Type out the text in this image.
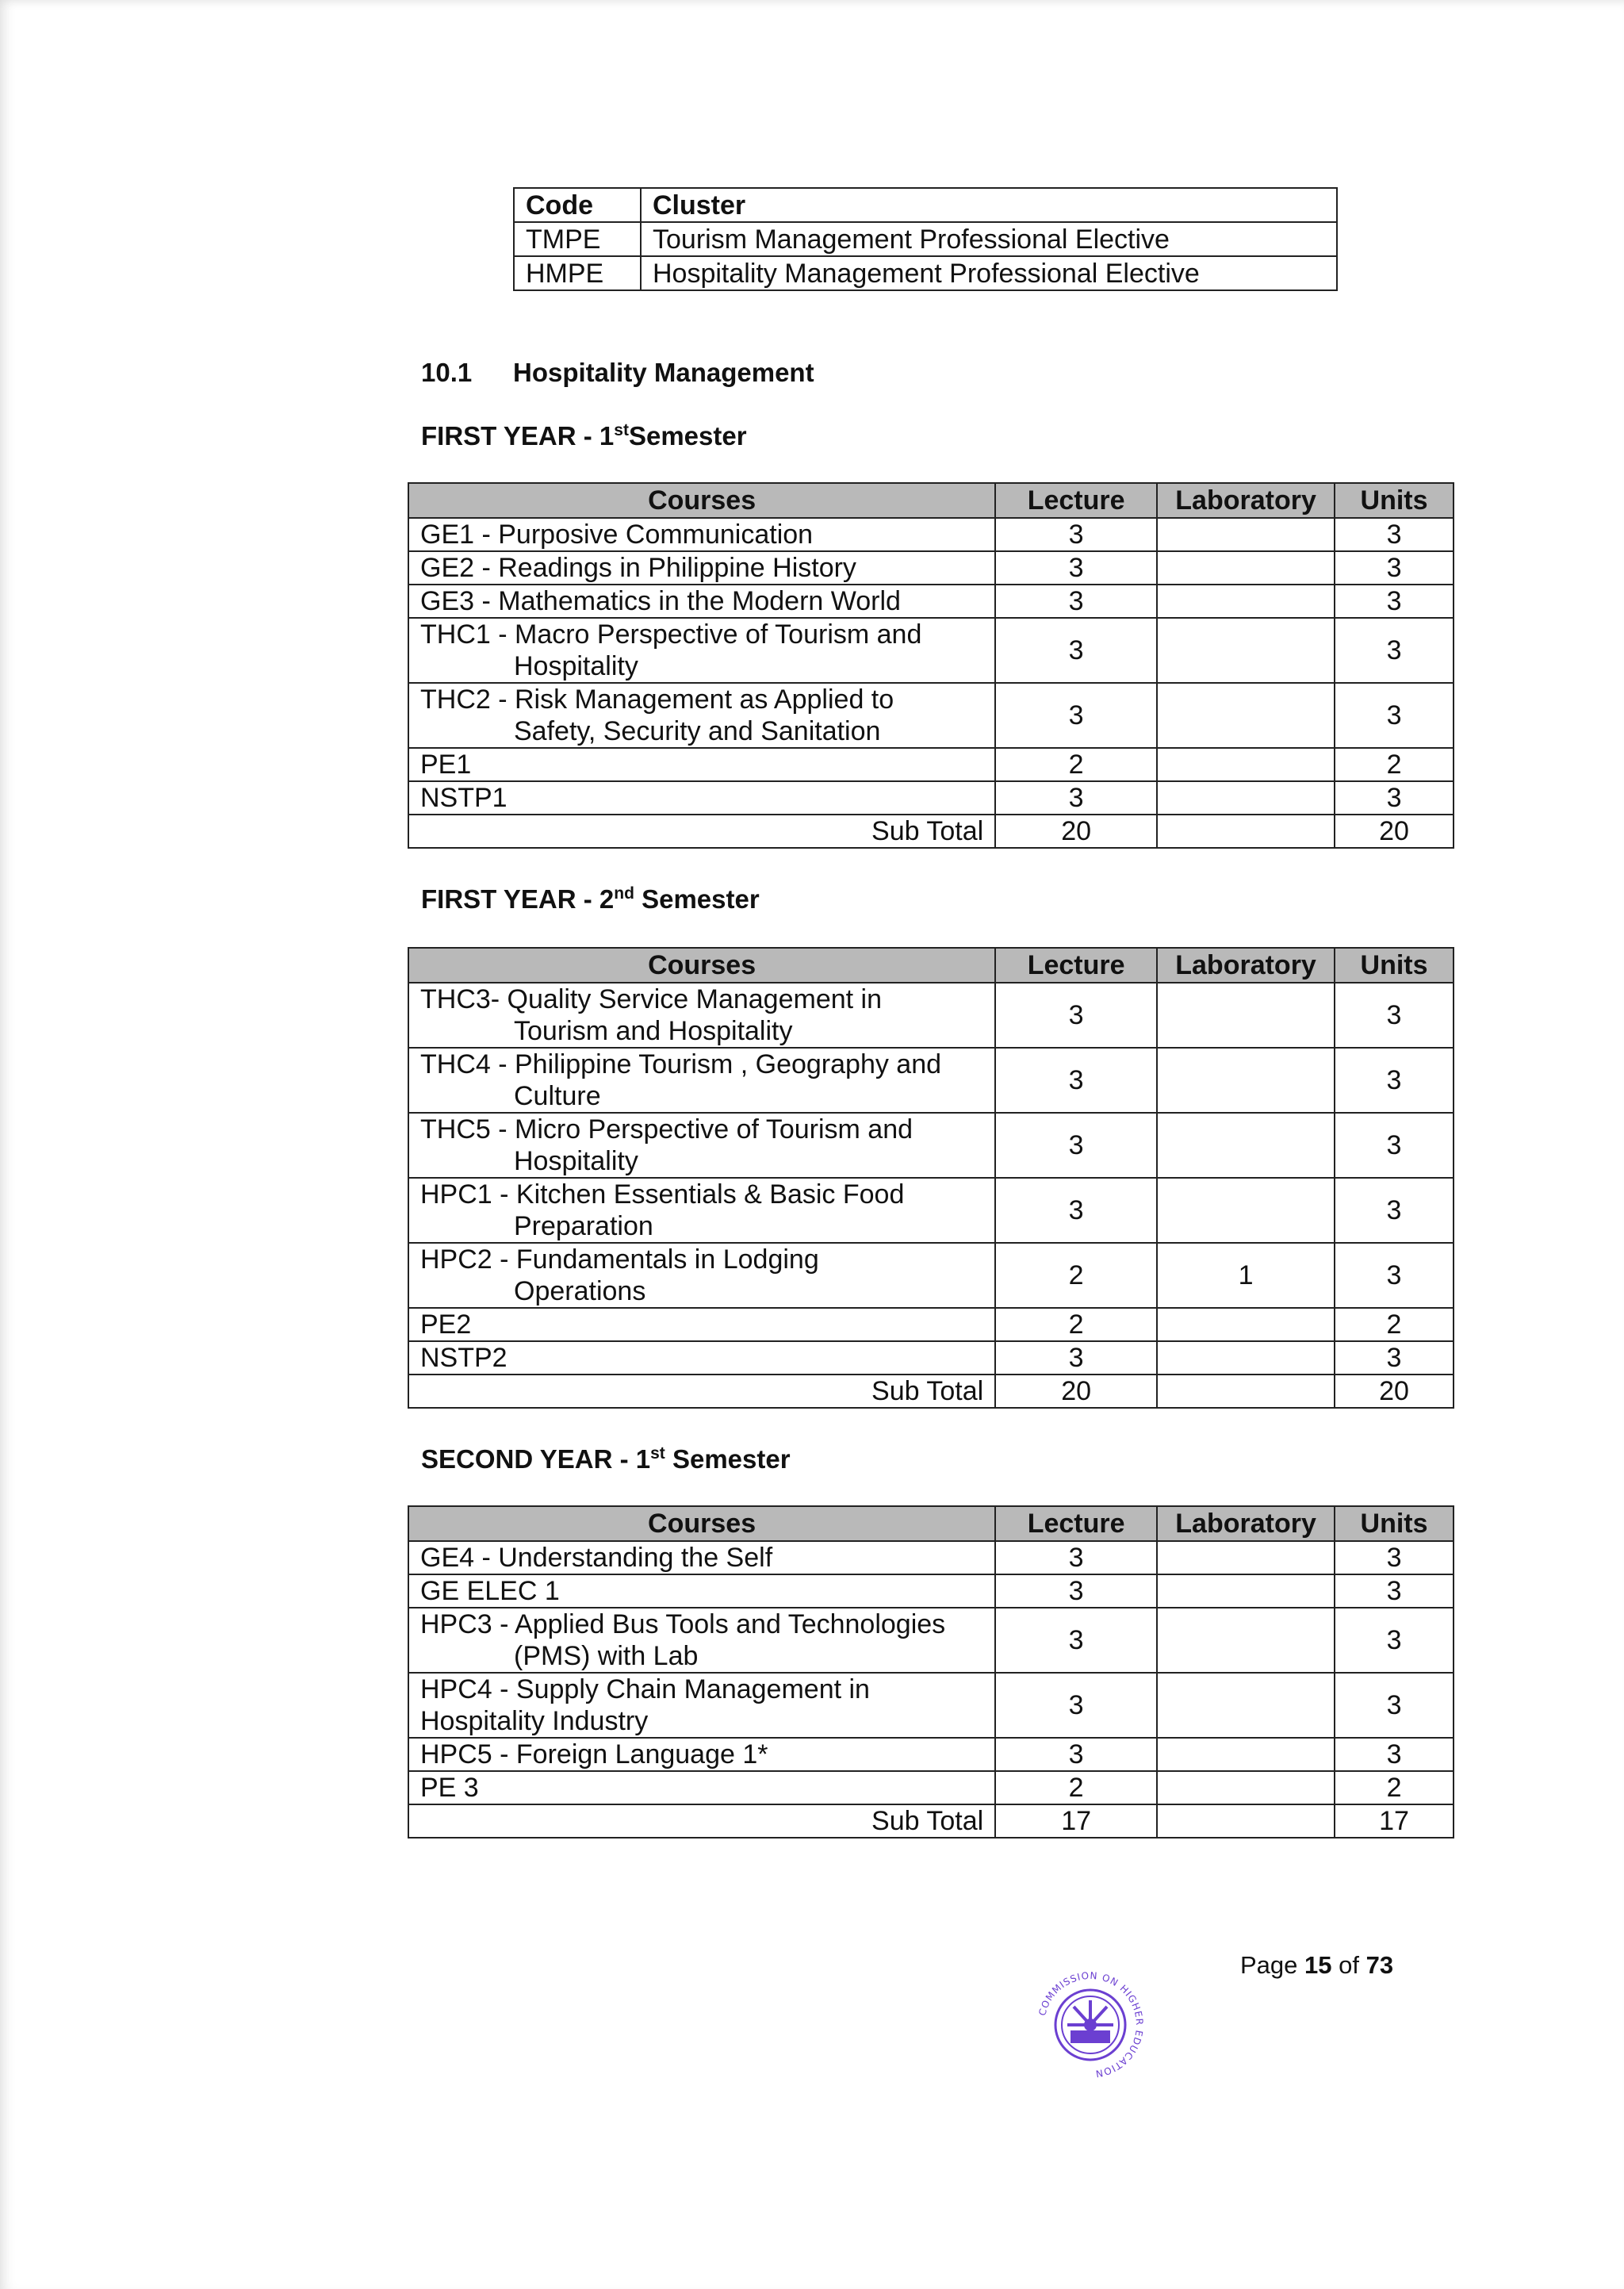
Code	Cluster
TMPE	Tourism Management Professional Elective
HMPE	Hospitality Management Professional Elective
10.1 Hospitality Management
FIRST YEAR - 1stSemester
Courses	Lecture	Laboratory	Units

GE1 - Purposive Communication	3		3

GE2 - Readings in Philippine History	3		3

GE3 - Mathematics in the Modern World	3		3

THC1 - Macro Perspective of Tourism and
Hospitality	3		3

THC2 - Risk Management as Applied to
Safety, Security and Sanitation	3		3

PE1	2		2

NSTP1	3		3
Sub Total	20		20
FIRST YEAR - 2nd Semester
Courses	Lecture	Laboratory	Units

THC3- Quality Service Management in
Tourism and Hospitality	3		3

THC4 - Philippine Tourism , Geography and
Culture	3		3

THC5 - Micro Perspective of Tourism and
Hospitality	3		3

HPC1 - Kitchen Essentials & Basic Food
Preparation	3		3

HPC2 - Fundamentals in Lodging
Operations	2	1	3

PE2	2		2

NSTP2	3		3
Sub Total	20		20
SECOND YEAR - 1st Semester
Courses	Lecture	Laboratory	Units

GE4 - Understanding the Self	3		3

GE ELEC 1	3		3

HPC3 - Applied Bus Tools and Technologies
(PMS) with Lab	3		3

HPC4 - Supply Chain Management in
Hospitality Industry	3		3

HPC5 - Foreign Language 1*	3		3

PE 3	2		2
Sub Total	17		17
Page 15 of 73
COMMISSION ON HIGHER EDUCATION
